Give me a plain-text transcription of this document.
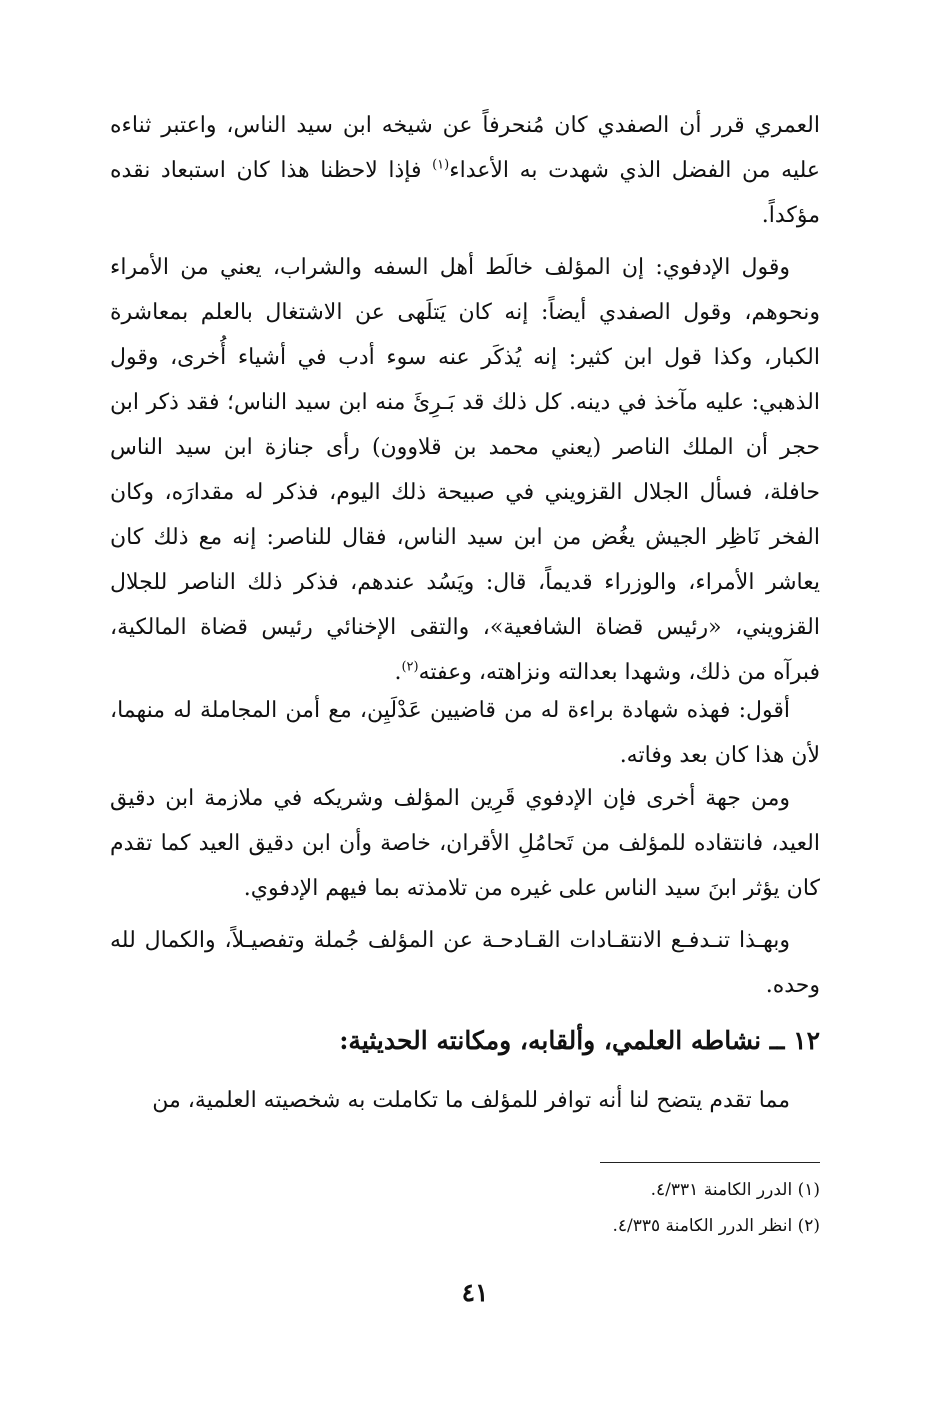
العمري قرر أن الصفدي كان مُنحرفاً عن شيخه ابن سيد الناس، واعتبر ثناءه عليه من الفضل الذي شهدت به الأعداء$^{(١)}$ فإذا لاحظنا هذا كان استبعاد نقده مؤكداً.

وقول الإدفوي: إن المؤلف خالَط أهل السفه والشراب، يعني من الأمراء ونحوهم، وقول الصفدي أيضاً: إنه كان يَتلَهى عن الاشتغال بالعلم بمعاشرة الكبار، وكذا قول ابن كثير: إنه يُذكَر عنه سوء أدب في أشياء أُخرى، وقول الذهبي: عليه مآخذ في دينه. كل ذلك قد بَـرِئَ منه ابن سيد الناس؛ فقد ذكر ابن حجر أن الملك الناصر (يعني محمد بن قلاوون) رأى جنازة ابن سيد الناس حافلة، فسأل الجلال القزويني في صبيحة ذلك اليوم، فذكر له مقدارَه، وكان الفخر نَاظِر الجيش يغُض من ابن سيد الناس، فقال للناصر: إنه مع ذلك كان يعاشر الأمراء، والوزراء قديماً، قال: ويَسُد عندهم، فذكر ذلك الناصر للجلال القزويني، «رئيس قضاة الشافعية»، والتقى الإخنائي رئيس قضاة المالكية، فبرآه من ذلك، وشهدا بعدالته ونزاهته، وعفته$^{(٢)}$.

أقول: فهذه شهادة براءة له من قاضيين عَدْلَيِن، مع أمن المجاملة له منهما، لأن هذا كان بعد وفاته.

ومن جهة أخرى فإن الإدفوي قَرِين المؤلف وشريكه في ملازمة ابن دقيق العيد، فانتقاده للمؤلف من تَحامُلِ الأقران، خاصة وأن ابن دقيق العيد كما تقدم كان يؤثر ابنَ سيد الناس على غيره من تلامذته بما فيهم الإدفوي.

وبهـذا تنـدفـع الانتقـادات القـادحـة عن المؤلف جُملة وتفصيـلاً، والكمال لله وحده.

١٢ ــ نشاطه العلمي، وألقابه، ومكانته الحديثية:

مما تقدم يتضح لنا أنه توافر للمؤلف ما تكاملت به شخصيته العلمية، من

(١) الدرر الكامنة ٤/٣٣١.
(٢) انظر الدرر الكامنة ٤/٣٣٥.
٤١
